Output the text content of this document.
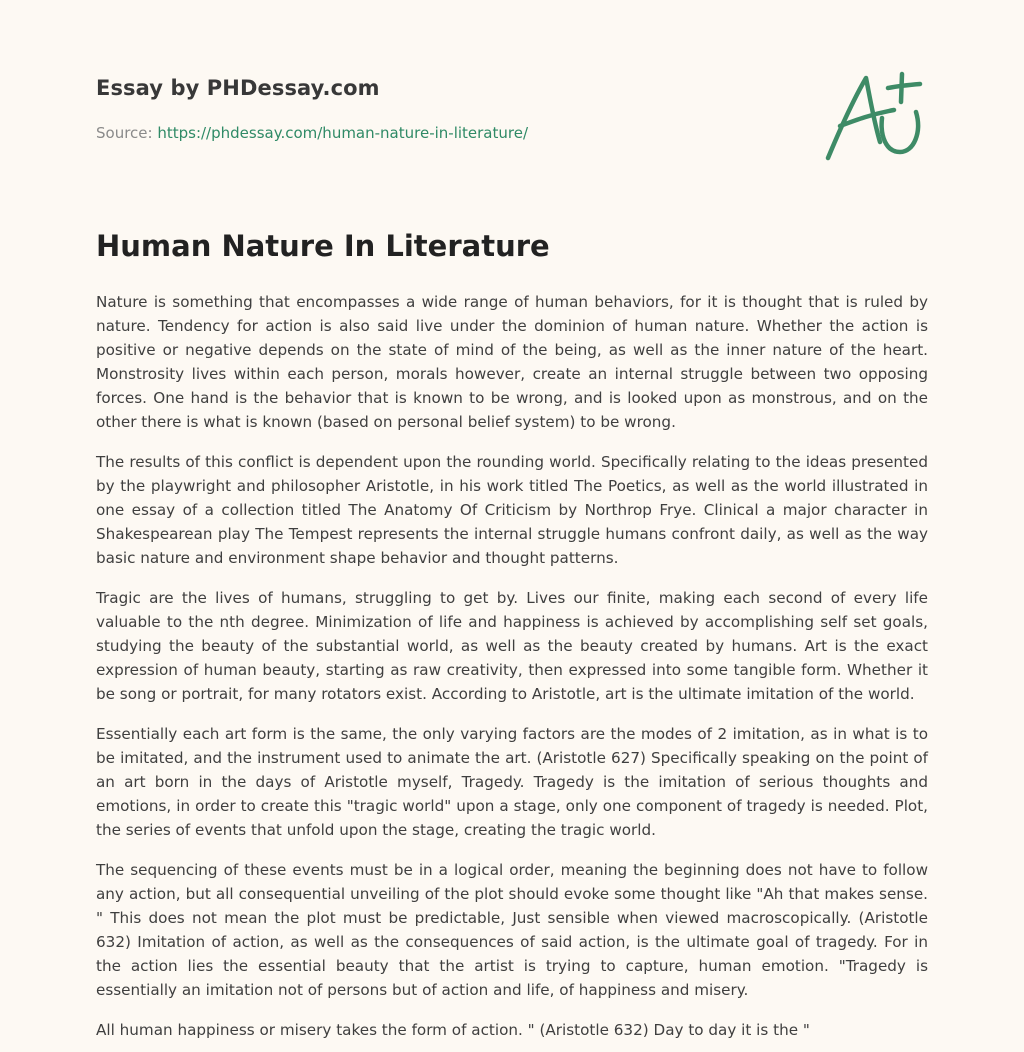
Essay by PHDessay.com
Source: https://phdessay.com/human-nature-in-literature/
Human Nature In Literature

Nature is something that encompasses a wide range of human behaviors, for it is thought that is ruled by nature. Tendency for action is also said live under the dominion of human nature. Whether the action is positive or negative depends on the state of mind of the being, as well as the inner nature of the heart. Monstrosity lives within each person, morals however, create an internal struggle between two opposing forces. One hand is the behavior that is known to be wrong, and is looked upon as monstrous, and on the other there is what is known (based on personal belief system) to be wrong.

The results of this conflict is dependent upon the rounding world. Specifically relating to the ideas presented by the playwright and philosopher Aristotle, in his work titled The Poetics, as well as the world illustrated in one essay of a collection titled The Anatomy Of Criticism by Northrop Frye. Clinical a major character in Shakespearean play The Tempest represents the internal struggle humans confront daily, as well as the way basic nature and environment shape behavior and thought patterns.

Tragic are the lives of humans, struggling to get by. Lives our finite, making each second of every life valuable to the nth degree. Minimization of life and happiness is achieved by accomplishing self set goals, studying the beauty of the substantial world, as well as the beauty created by humans. Art is the exact expression of human beauty, starting as raw creativity, then expressed into some tangible form. Whether it be song or portrait, for many rotators exist. According to Aristotle, art is the ultimate imitation of the world.

Essentially each art form is the same, the only varying factors are the modes of 2 imitation, as in what is to be imitated, and the instrument used to animate the art. (Aristotle 627) Specifically speaking on the point of an art born in the days of Aristotle myself, Tragedy. Tragedy is the imitation of serious thoughts and emotions, in order to create this "tragic world" upon a stage, only one component of tragedy is needed. Plot, the series of events that unfold upon the stage, creating the tragic world.

The sequencing of these events must be in a logical order, meaning the beginning does not have to follow any action, but all consequential unveiling of the plot should evoke some thought like "Ah that makes sense. " This does not mean the plot must be predictable, Just sensible when viewed macroscopically. (Aristotle 632) Imitation of action, as well as the consequences of said action, is the ultimate goal of tragedy. For in the action lies the essential beauty that the artist is trying to capture, human emotion. "Tragedy is essentially an imitation not of persons but of action and life, of happiness and misery.

All human happiness or misery takes the form of action. " (Aristotle 632) Day to day it is the "
